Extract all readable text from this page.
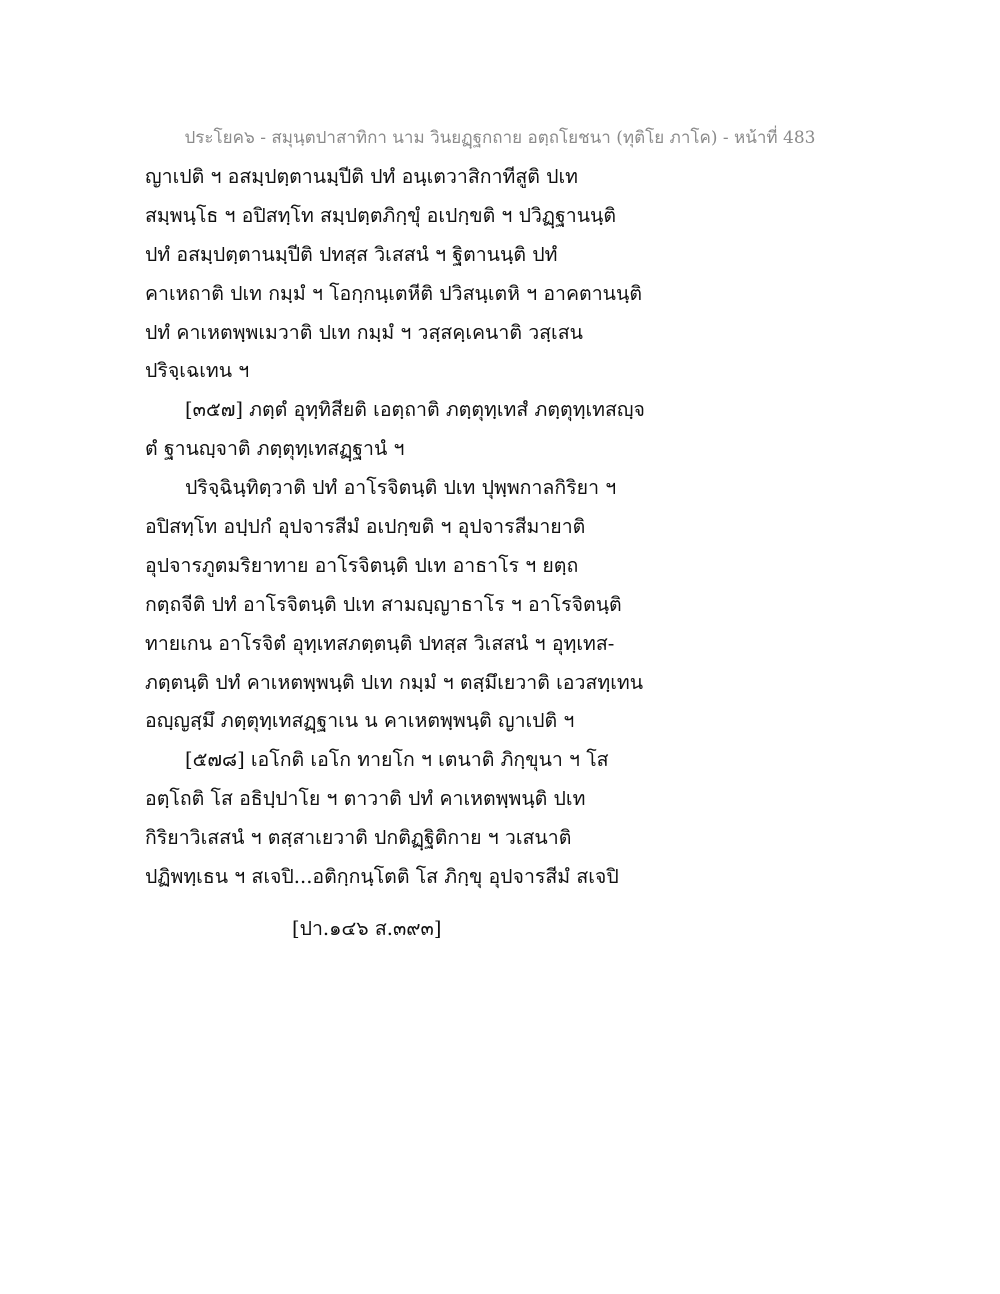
ประโยค๖ - สมุนฺตปาสาทิกา นาม วินยฏฺฐกถาย อตฺถโยชนา (ทุติโย ภาโค) - หน้าที่ 483
ญาเปติ ฯ อสมฺปตฺตานมฺปีติ ปทํ อนฺเตวาสิกาทีสูติ ปเท
สมฺพนฺโธ ฯ อปิสทฺโท สมฺปตฺตภิกฺขุํ อเปกฺขติ ฯ ปวิฏฺฐานนฺติ
ปทํ อสมฺปตฺตานมฺปีติ ปทสฺส วิเสสนํ ฯ ฐิตานนฺติ ปทํ
คาเหถาติ ปเท กมฺมํ ฯ โอกฺกนฺเตหีติ ปวิสนฺเตหิ ฯ อาคตานนฺติ
ปทํ คาเหตพฺพเมวาติ ปเท กมฺมํ ฯ วสฺสคฺเคนาติ วสฺเสน
ปริจฺเฉเทน ฯ
[๓๕๗] ภตฺตํ อุทฺทิสียติ เอตฺถาติ ภตฺตุทฺเทสํ ภตฺตุทฺเทสญฺจ
ตํ ฐานญฺจาติ ภตฺตุทฺเทสฏฺฐานํ ฯ
ปริจฺฉินฺทิตฺวาติ ปทํ อาโรจิตนฺติ ปเท ปุพฺพกาลกิริยา ฯ
อปิสทฺโท อปฺปกํ อุปจารสีมํ อเปกฺขติ ฯ อุปจารสีมายาติ
อุปจารภูตมริยาทาย อาโรจิตนฺติ ปเท อาธาโร ฯ ยตฺถ
กตฺถจีติ ปทํ อาโรจิตนฺติ ปเท สามญฺญาธาโร ฯ อาโรจิตนฺติ
ทายเกน อาโรจิตํ อุทฺเทสภตฺตนฺติ ปทสฺส วิเสสนํ ฯ อุทฺเทส-
ภตฺตนฺติ ปทํ คาเหตพฺพนฺติ ปเท กมฺมํ ฯ ตสฺมึเยวาติ เอวสทฺเทน
อญฺญสฺมึ ภตฺตุทฺเทสฏฺฐาเน น คาเหตพฺพนฺติ ญาเปติ ฯ
[๕๗๘] เอโกติ เอโก ทายโก ฯ เตนาติ ภิกฺขุนา ฯ โส
อตฺโถติ โส อธิปฺปาโย ฯ ตาวาติ ปทํ คาเหตพฺพนฺติ ปเท
กิริยาวิเสสนํ ฯ ตสฺสาเยวาติ ปกติฏฺฐิติกาย ฯ วเสนาติ
ปฏิพทฺเธน ฯ สเจปิ...อติกฺกนฺโตติ โส ภิกฺขุ อุปจารสีมํ สเจปิ
[ปา.๑๔๖ ส.๓๙๓]
